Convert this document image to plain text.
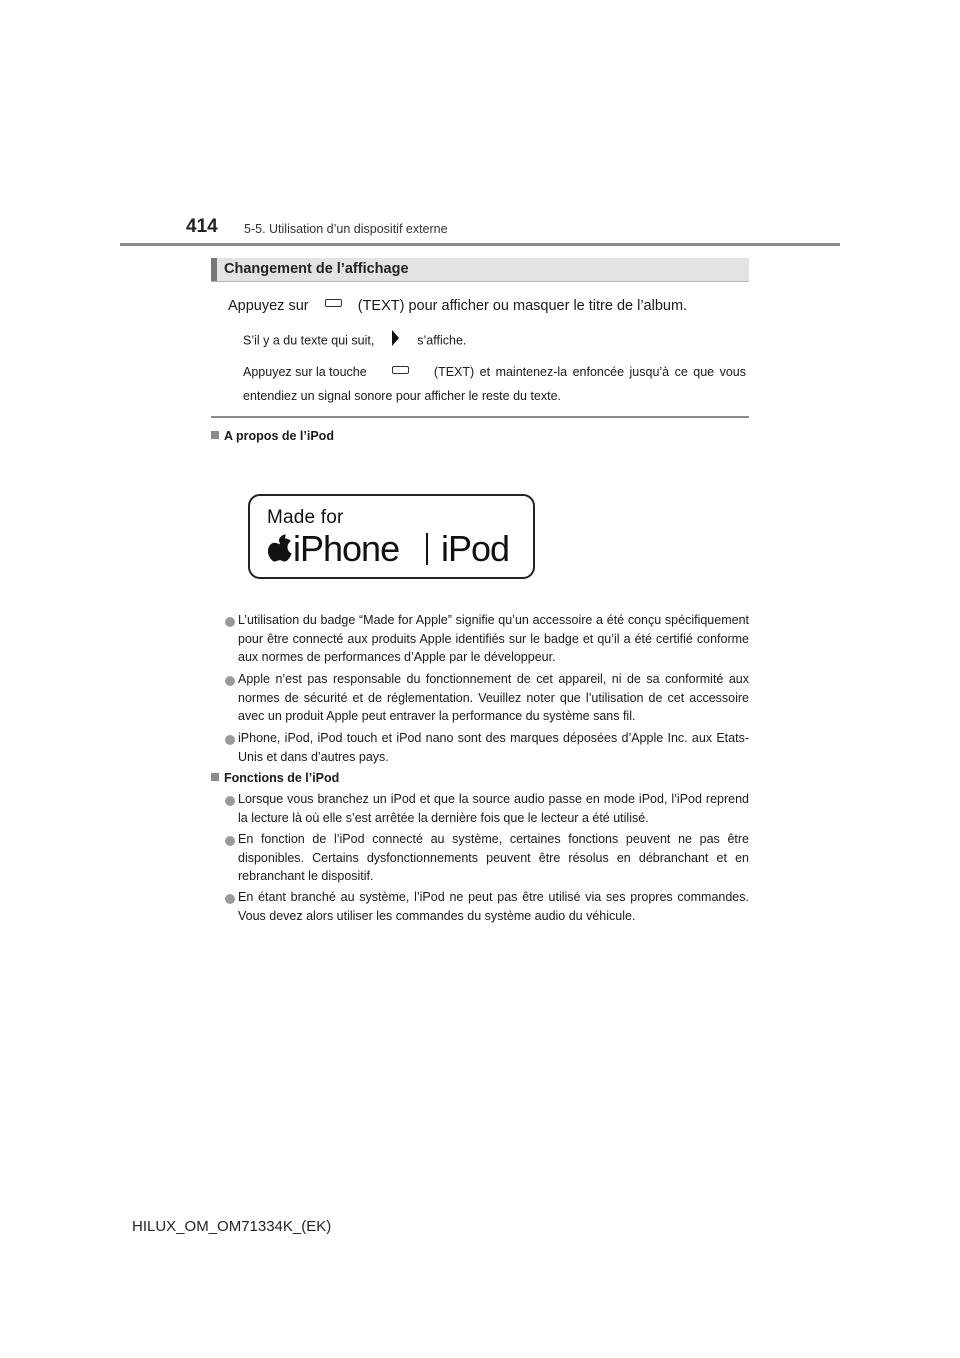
414 5-5. Utilisation d’un dispositif externe
Changement de l’affichage
Appuyez sur	(TEXT) pour afficher ou masquer le titre de l’album.
S’il y a du texte qui suit,	s’affiche.
Appuyez sur la touche	(TEXT) et maintenez-la enfoncée jusqu’à ce que vous
entendiez un signal sonore pour afficher le reste du texte.
A propos de l’iPod
Made for
iPhone iPod
L’utilisation du badge “Made for Apple” signifie qu’un accessoire a été conçu spécifiquement pour être connecté aux produits Apple identifiés sur le badge et qu’il a été certifié conforme aux normes de performances d’Apple par le développeur.
Apple n’est pas responsable du fonctionnement de cet appareil, ni de sa conformité aux normes de sécurité et de réglementation. Veuillez noter que l’utilisation de cet accessoire avec un produit Apple peut entraver la performance du système sans fil.
iPhone, iPod, iPod touch et iPod nano sont des marques déposées d’Apple Inc. aux Etats-Unis et dans d’autres pays.
Fonctions de l’iPod
Lorsque vous branchez un iPod et que la source audio passe en mode iPod, l’iPod reprend la lecture là où elle s’est arrêtée la dernière fois que le lecteur a été utilisé.
En fonction de l’iPod connecté au système, certaines fonctions peuvent ne pas être disponibles. Certains dysfonctionnements peuvent être résolus en débranchant et en rebranchant le dispositif.
En étant branché au système, l’iPod ne peut pas être utilisé via ses propres commandes. Vous devez alors utiliser les commandes du système audio du véhicule.
HILUX_OM_OM71334K_(EK)
